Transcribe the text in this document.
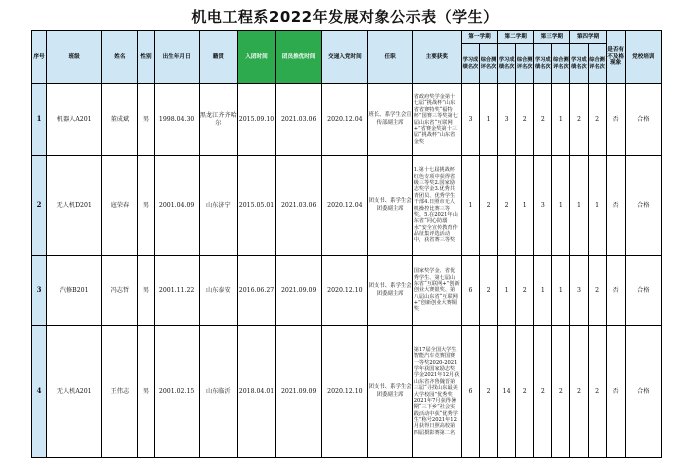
机电工程系2022年发展对象公示表（学生）
序号	班级	姓名	性别	出生年月日	籍贯	入团时间	团员推优时间	交递入党时间	任职	主要获奖	第一学期		第二学期		第三学期		第四学期		是否有不及格现象	党校培训
											学习成绩名次	综合测评名次	学习成绩名次	综合测评名次	学习成绩名次	综合测评名次	学习成绩名次	综合测评名次		
1	机器人A201	董成斌	男	1998.04.30	黑龙江齐齐哈尔	2015.09.10	2021.03.06	2020.12.04	班长、系学生会宣传部副主席	省政府奖学金第十七届“挑战杯”山东省省赛特奖“福特杯”国赛三等奖第七届山东省“互联网+”省赛金奖第十三届“挑战杯”山东省金奖	3	1	3	2	2	1	2	2	否	合格
2	无人机D201	寇荣春	男	2001.04.09	山东济宁	2015.05.01	2021.03.06	2020.12.04	团支书、系学生会团委副主席	1.第十七届挑战杯红色专项中获得省级三等奖2.国家励志奖学金3.优秀共青团员、优秀学生干部4.日照市无人机操控比赛三等奖。5.在2021年山东省“同心防溺水”安全宣传教育作品征集评选活动中，获省赛三等奖	1	2	2	1	3	1	1	1	否	合格
3	汽修B201	冯志哲	男	2001.11.22	山东泰安	2016.06.27	2021.09.09	2020.12.10	团支书、系学生会团委副主席	国家奖学金、省优秀学生、第七届山东省“互联网+”创新创业大赛银奖、第八届山东省“互联网+”创新创业大赛铜奖	6	2	1	2	1	1	3	2	否	合格
4	无人机A201	王伟志	男	2001.02.15	山东临沂	2018.04.01	2021.09.09	2020.12.10	团支书、系学生会团委副主席	第17届全国大学生智能汽车竞赛国赛一等奖2020-2021学年获国家励志奖学金2021年12月获山东省齐鲁魏晋第三届“寻找山东最美大学校园”优秀奖2021年7月获得暑期“三下乡”社会实践活动中获“优秀学生”称号2021年12月获得日照高校第四届摄影赛第二名	6	2	14	2	2	2	2	2	否	合格
